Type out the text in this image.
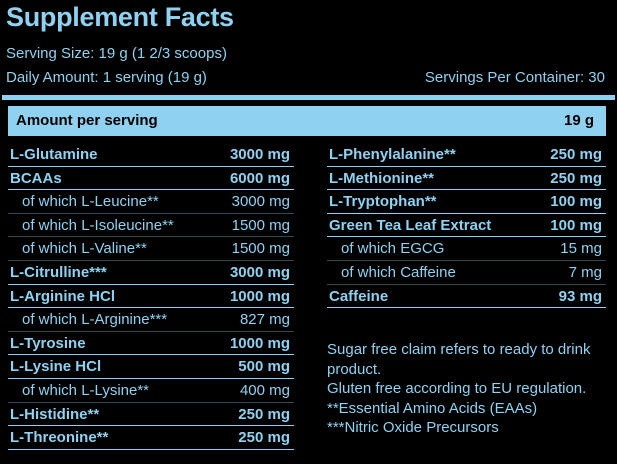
Supplement Facts
Serving Size: 19 g (1 2/3 scoops)
Daily Amount: 1 serving (19 g)	Servings Per Container: 30
Amount per serving	19 g
L-Glutamine	3000 mg
BCAAs	6000 mg
of which L-Leucine**	3000 mg
of which L-Isoleucine**	1500 mg
of which L-Valine**	1500 mg
L-Citrulline***	3000 mg
L-Arginine HCl	1000 mg
of which L-Arginine***	827 mg
L-Tyrosine	1000 mg
L-Lysine HCl	500 mg
of which L-Lysine**	400 mg
L-Histidine**	250 mg
L-Threonine**	250 mg
L-Phenylalanine**	250 mg
L-Methionine**	250 mg
L-Tryptophan**	100 mg
Green Tea Leaf Extract	100 mg
of which EGCG	15 mg
of which Caffeine	7 mg
Caffeine	93 mg
Sugar free claim refers to ready to drink
product.
Gluten free according to EU regulation.
**Essential Amino Acids (EAAs)
***Nitric Oxide Precursors
